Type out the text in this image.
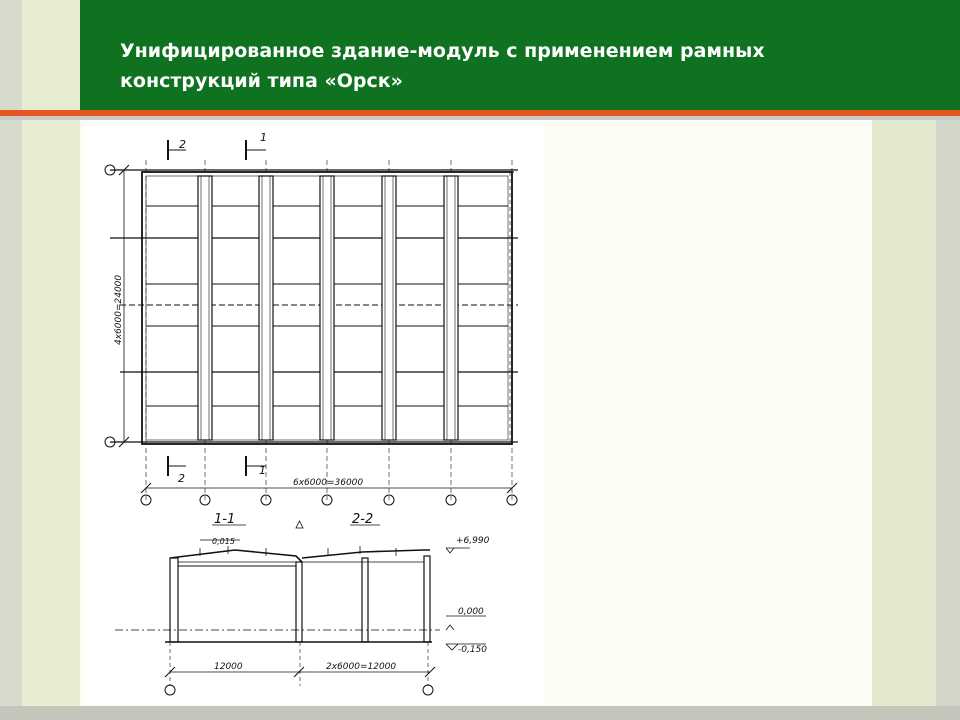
Унифицированное здание-модуль с применением рамных конструкций типа «Орск»
2
1
2
1
4x6000=24000
6x6000=36000
1-1	2-2
0,015	+6,990
0,000
-0,150
12000	2x6000=12000
